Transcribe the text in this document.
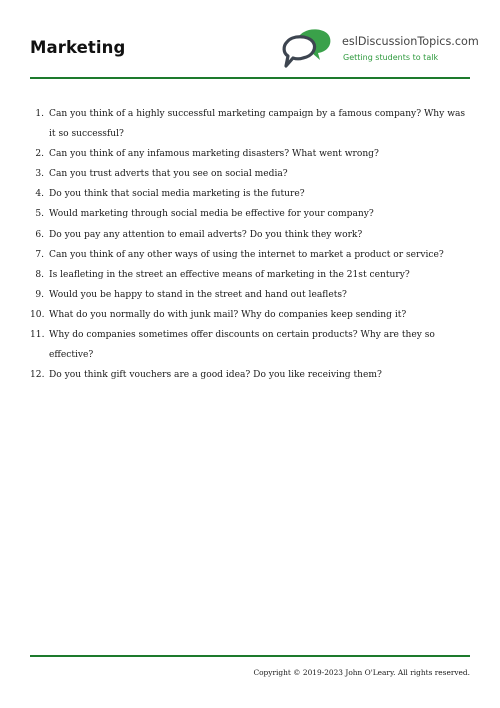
Marketing	eslDiscussionTopics.com
Getting students to talk
1. Can you think of a highly successful marketing campaign by a famous company? Why was it so successful?
2. Can you think of any infamous marketing disasters? What went wrong?
3. Can you trust adverts that you see on social media?
4. Do you think that social media marketing is the future?
5. Would marketing through social media be effective for your company?
6. Do you pay any attention to email adverts? Do you think they work?
7. Can you think of any other ways of using the internet to market a product or service?
8. Is leafleting in the street an effective means of marketing in the 21st century?
9. Would you be happy to stand in the street and hand out leaflets?
10. What do you normally do with junk mail? Why do companies keep sending it?
11. Why do companies sometimes offer discounts on certain products? Why are they so effective?
12. Do you think gift vouchers are a good idea? Do you like receiving them?
Copyright © 2019-2023 John O'Leary. All rights reserved.
